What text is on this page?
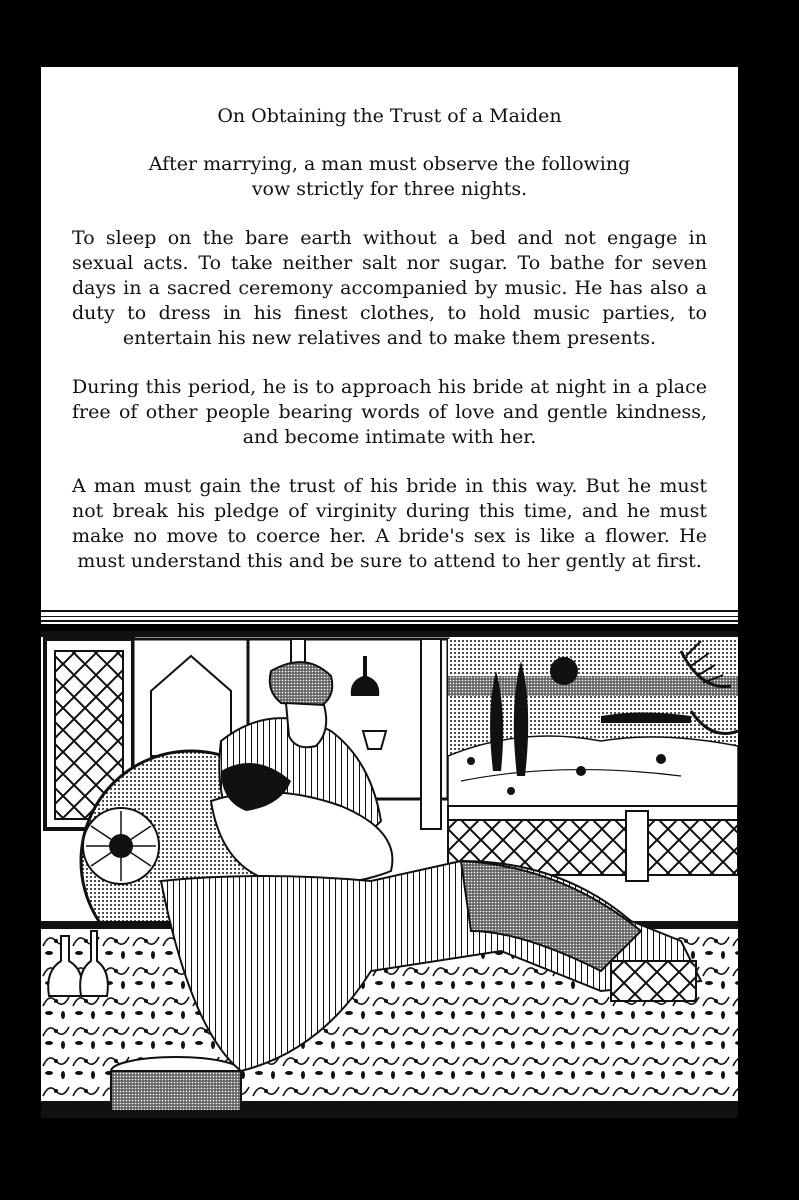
On Obtaining the Trust of a Maiden

After marrying, a man must observe the following vow strictly for three nights.

To sleep on the bare earth without a bed and not engage in sexual acts. To take neither salt nor sugar. To bathe for seven days in a sacred ceremony accompanied by music. He has also a duty to dress in his finest clothes, to hold music parties, to entertain his new relatives and to make them presents.

During this period, he is to approach his bride at night in a place free of other people bearing words of love and gentle kindness, and become intimate with her.

A man must gain the trust of his bride in this way. But he must not break his pledge of virginity during this time, and he must make no move to coerce her. A bride's sex is like a flower. He must understand this and be sure to attend to her gently at first.
